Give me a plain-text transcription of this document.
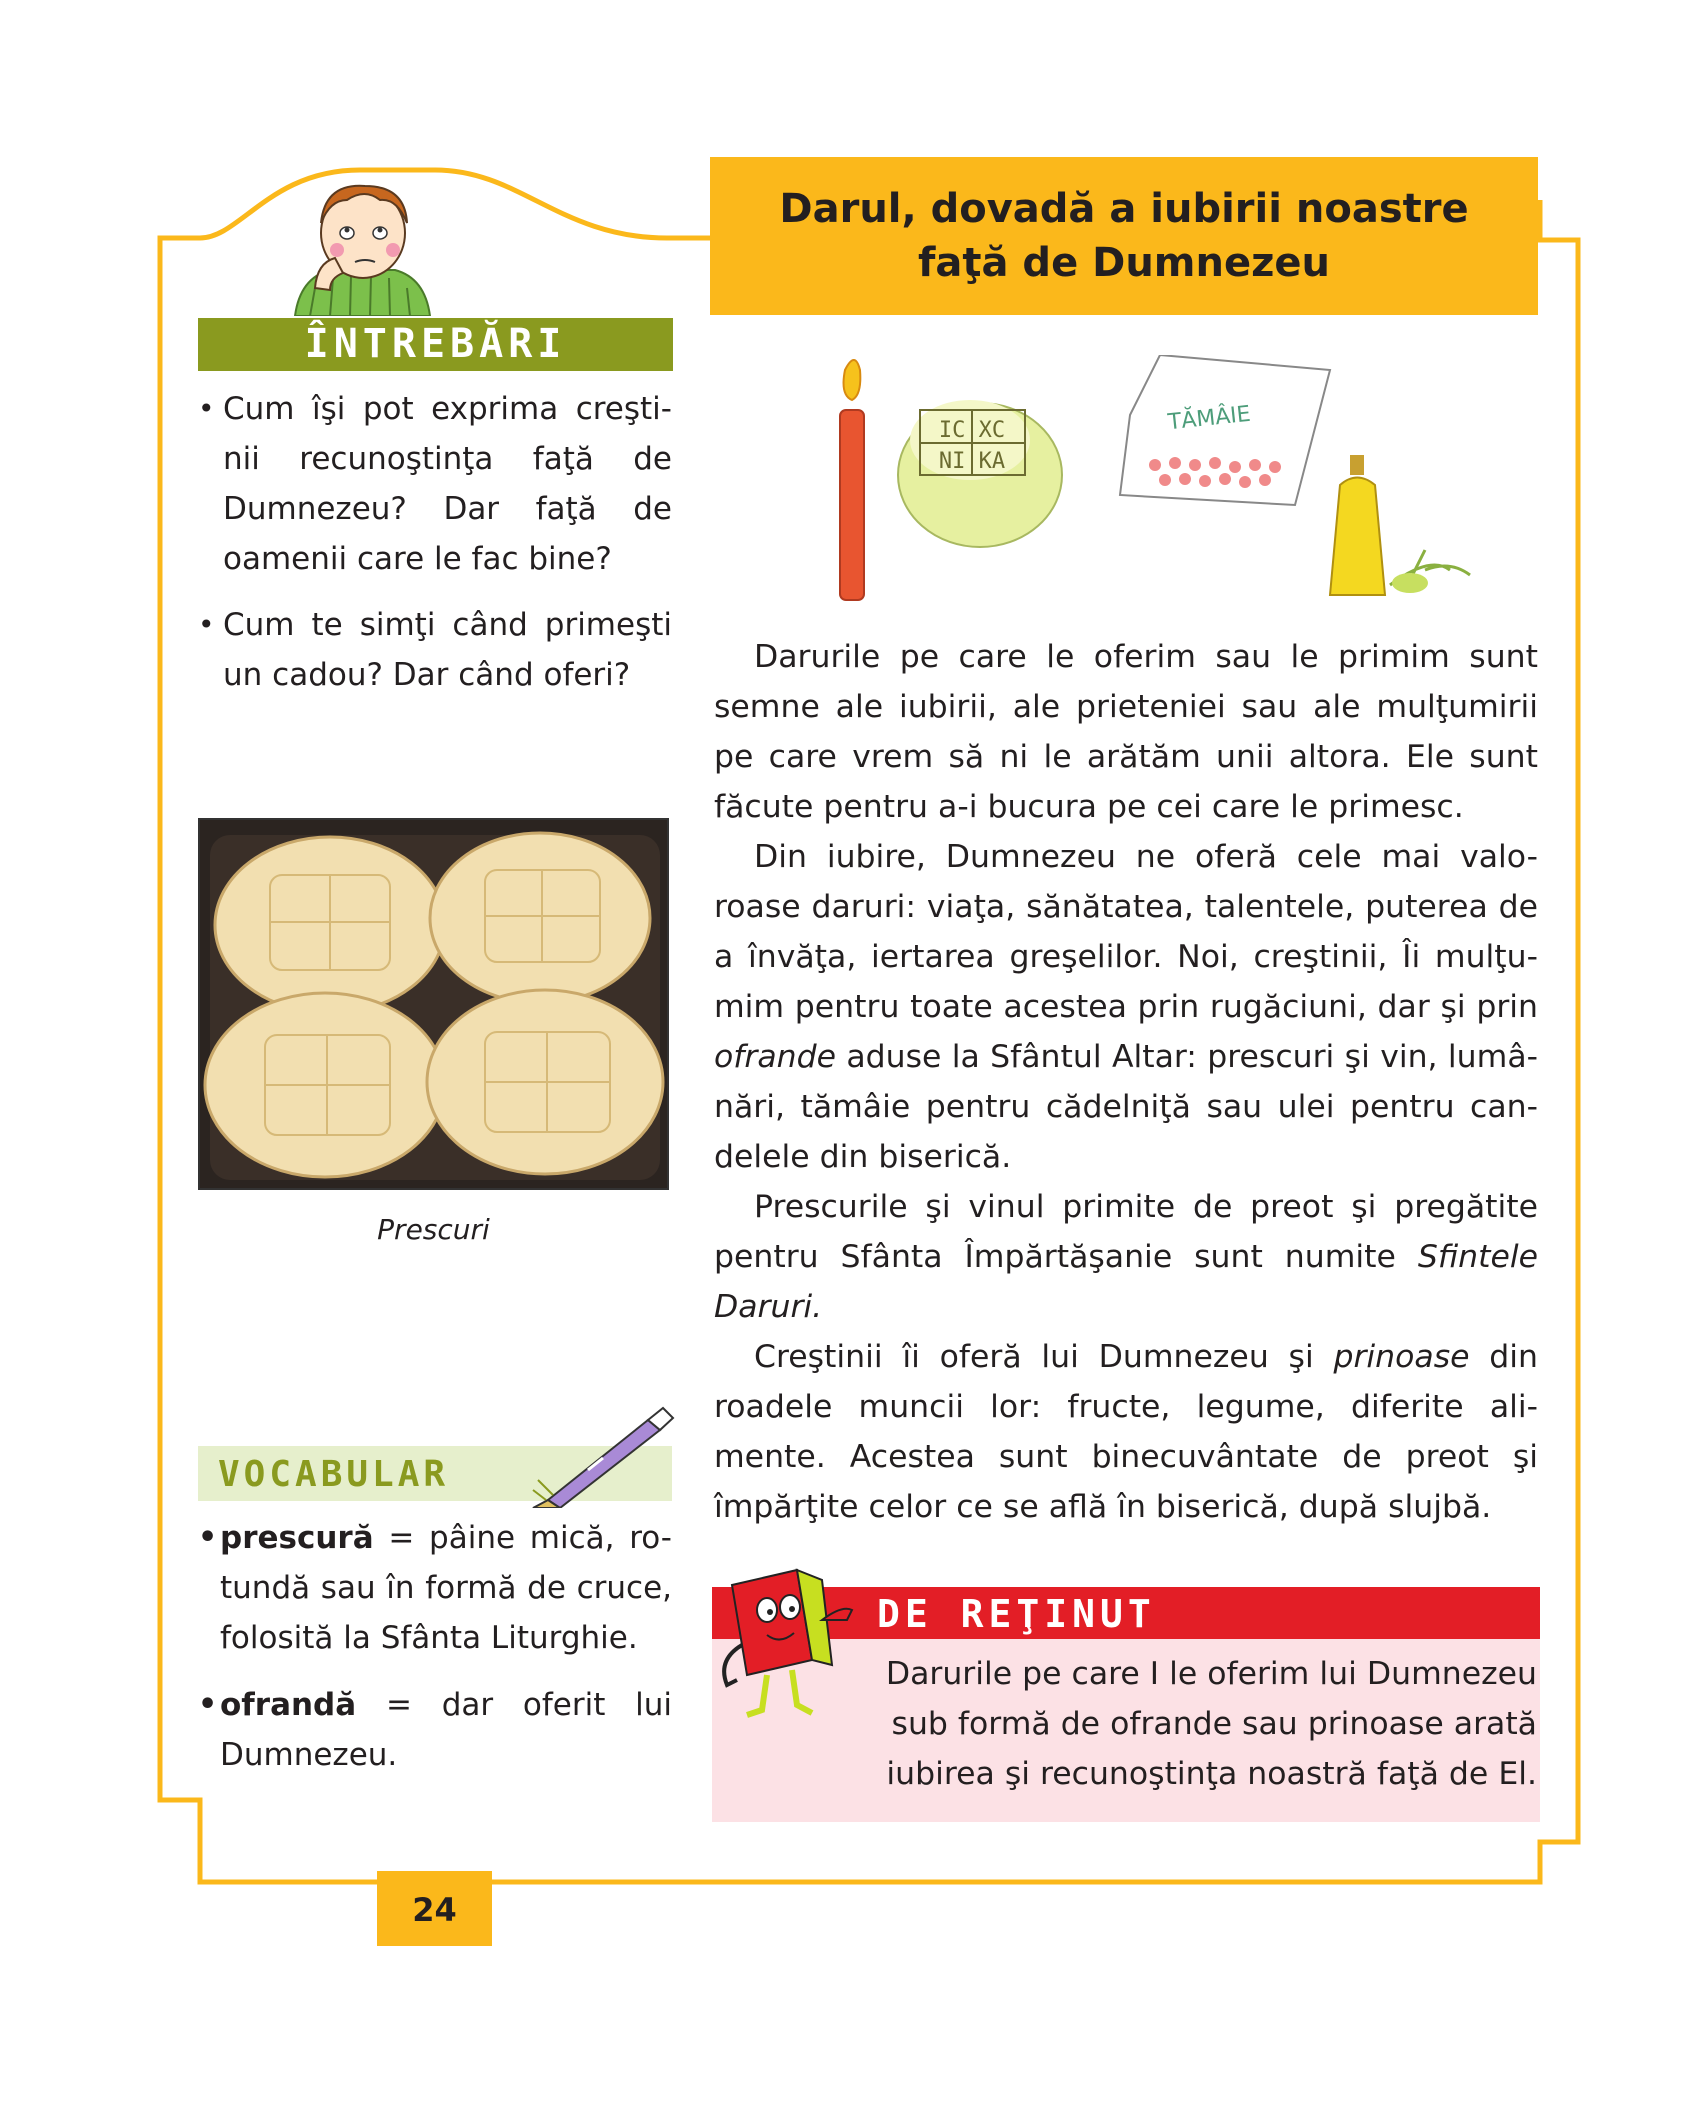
Darul, dovadă a iubirii noastre
faţă de Dumnezeu
ÎNTREBĂRI
• Cum îşi pot exprima creşti-nii recunoştinţa faţă de Dumnezeu? Dar faţă de oamenii care le fac bine?
• Cum te simţi când primeşti un cadou? Dar când oferi?
Prescuri
VOCABULAR
• prescură = pâine mică, ro-tundă sau în formă de cruce, folosită la Sfânta Liturghie.
• ofrandă = dar oferit lui Dumnezeu.
IC XC
NI KA
TĂMÂIE

Darurile pe care le oferim sau le primim sunt semne ale iubirii, ale prieteniei sau ale mulţumirii pe care vrem să ni le arătăm unii altora. Ele sunt făcute pentru a-i bucura pe cei care le primesc.

Din iubire, Dumnezeu ne oferă cele mai valo-roase daruri: viaţa, sănătatea, talentele, puterea de a învăţa, iertarea greşelilor. Noi, creştinii, Îi mulţu-mim pentru toate acestea prin rugăciuni, dar şi prin ofrande aduse la Sfântul Altar: prescuri şi vin, lumâ-nări, tămâie pentru cădelniţă sau ulei pentru can-delele din biserică.

Prescurile şi vinul primite de preot şi pregătite pentru Sfânta Împărtăşanie sunt numite Sfintele Daruri.

Creştinii îi oferă lui Dumnezeu şi prinoase din roadele muncii lor: fructe, legume, diferite ali-mente. Acestea sunt binecuvântate de preot şi împărţite celor ce se află în biserică, după slujbă.

DE REŢINUT
Darurile pe care I le oferim lui Dumnezeu
sub formă de ofrande sau prinoase arată
iubirea şi recunoştinţa noastră faţă de El.
24
